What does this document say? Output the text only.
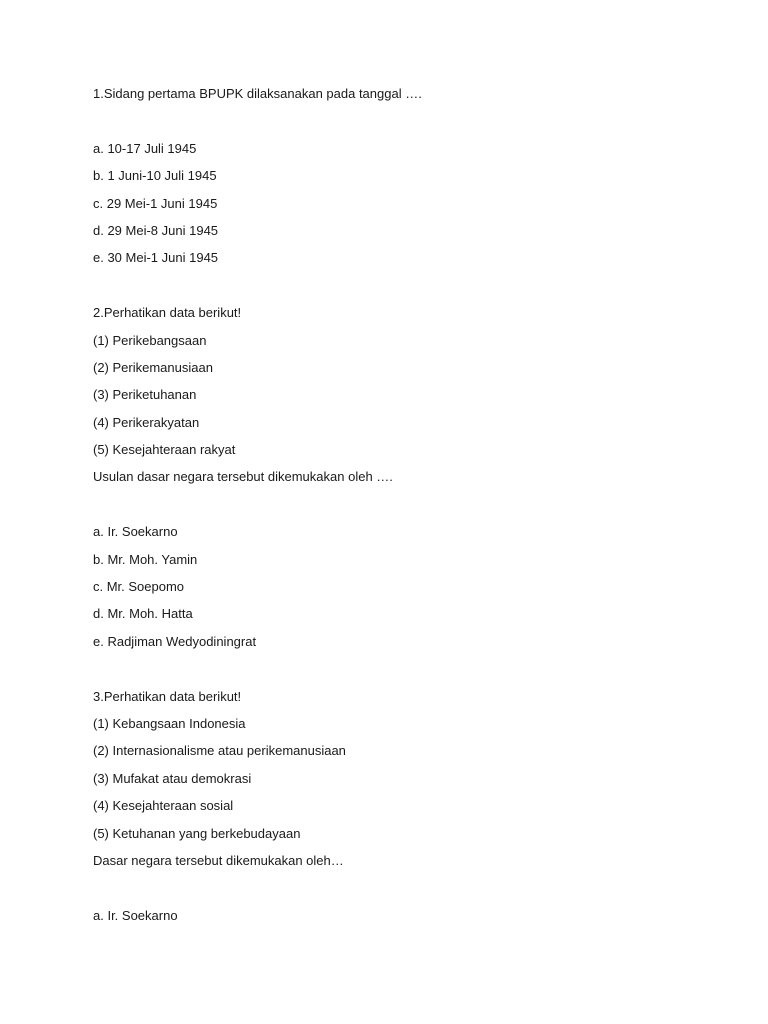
1.Sidang pertama BPUPK dilaksanakan pada tanggal ….
a. 10-17 Juli 1945
b. 1 Juni-10 Juli 1945
c. 29 Mei-1 Juni 1945
d. 29 Mei-8 Juni 1945
e. 30 Mei-1 Juni 1945
2.Perhatikan data berikut!
(1) Perikebangsaan
(2) Perikemanusiaan
(3) Periketuhanan
(4) Perikerakyatan
(5) Kesejahteraan rakyat
Usulan dasar negara tersebut dikemukakan oleh ….
a. Ir. Soekarno
b. Mr. Moh. Yamin
c. Mr. Soepomo
d. Mr. Moh. Hatta
e. Radjiman Wedyodiningrat
3.Perhatikan data berikut!
(1) Kebangsaan Indonesia
(2) Internasionalisme atau perikemanusiaan
(3) Mufakat atau demokrasi
(4) Kesejahteraan sosial
(5) Ketuhanan yang berkebudayaan
Dasar negara tersebut dikemukakan oleh…
a. Ir. Soekarno
